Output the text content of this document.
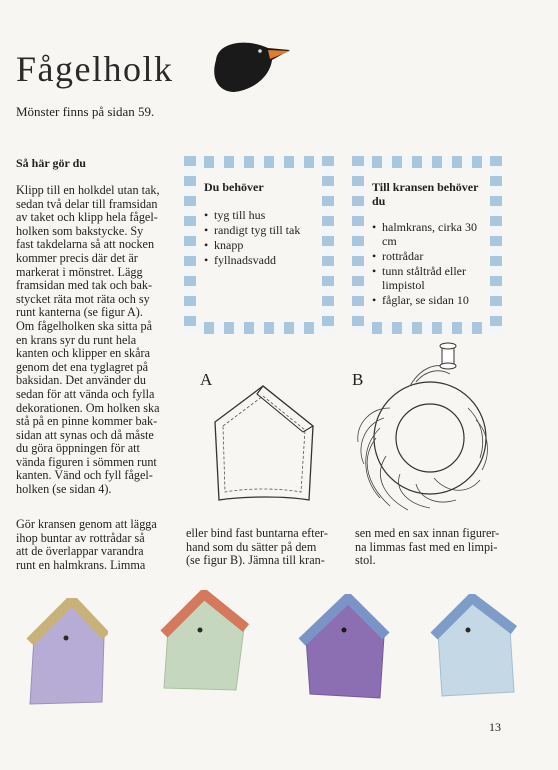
Fågelholk
Mönster finns på sidan 59.
Så här gör du
Klipp till en holkdel utan tak,
sedan två delar till framsidan
av taket och klipp hela fågel-
holken som bakstycke. Sy
fast takdelarna så att nocken
kommer precis där det är
markerat i mönstret. Lägg
framsidan med tak och bak-
stycket räta mot räta och sy
runt kanterna (se figur A).
Om fågelholken ska sitta på
en krans syr du runt hela
kanten och klipper en skåra
genom det ena tyglagret på
baksidan. Det använder du
sedan för att vända och fylla
dekorationen. Om holken ska
stå på en pinne kommer bak-
sidan att synas och då måste
du göra öppningen för att
vända figuren i sömmen runt
kanten. Vänd och fyll fågel-
holken (se sidan 4).
Gör kransen genom att lägga
ihop buntar av rottrådar så
att de överlappar varandra
runt en halmkrans. Limma
eller bind fast buntarna efter-
hand som du sätter på dem
(se figur B). Jämna till kran-
sen med en sax innan figurer-
na limmas fast med en limpi-
stol.
Du behöver
• tyg till hus
• randigt tyg till tak
• knapp
• fyllnadsvadd
Till kransen behöver du
• halmkrans, cirka 30 cm
• rottrådar
• tunn ståltråd eller limpistol
• fåglar, se sidan 10
A	B
13
